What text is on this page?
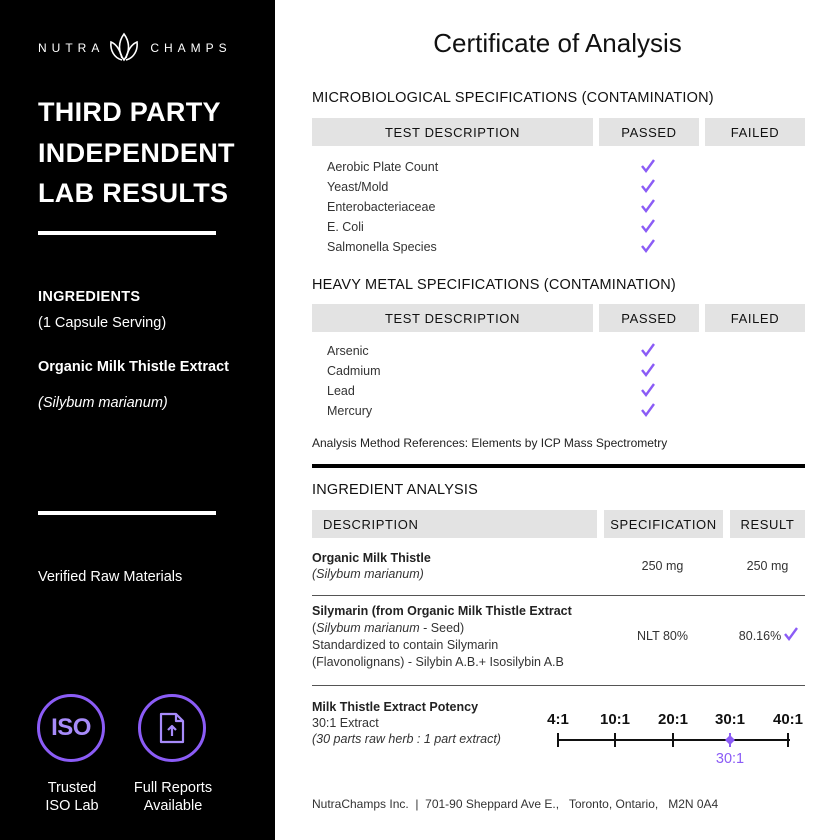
NUTRA	CHAMPS
THIRD PARTY
INDEPENDENT
LAB RESULTS
INGREDIENTS
(1 Capsule Serving)
Organic Milk Thistle Extract
(Silybum marianum)
Verified Raw Materials
ISO
Trusted
ISO Lab
Full Reports
Available
Certificate of Analysis
MICROBIOLOGICAL SPECIFICATIONS (CONTAMINATION)
TEST DESCRIPTION	PASSED	FAILED
Aerobic Plate Count
Yeast/Mold
Enterobacteriaceae
E. Coli
Salmonella Species
HEAVY METAL SPECIFICATIONS (CONTAMINATION)
TEST DESCRIPTION	PASSED	FAILED
Arsenic
Cadmium
Lead
Mercury
Analysis Method References: Elements by ICP Mass Spectrometry
INGREDIENT ANALYSIS
DESCRIPTION	SPECIFICATION	RESULT
Organic Milk Thistle
(Silybum marianum)
250 mg	250 mg
Silymarin (from Organic Milk Thistle Extract
(Silybum marianum - Seed)
Standardized to contain Silymarin
(Flavonolignans) - Silybin A.B.+ Isosilybin A.B
NLT 80%	80.16%
Milk Thistle Extract Potency
30:1 Extract
(30 parts raw herb : 1 part extract)
4:1	10:1	20:1	30:1	40:1
30:1
NutraChamps Inc.  |  701-90 Sheppard Ave E.,   Toronto, Ontario,   M2N 0A4
